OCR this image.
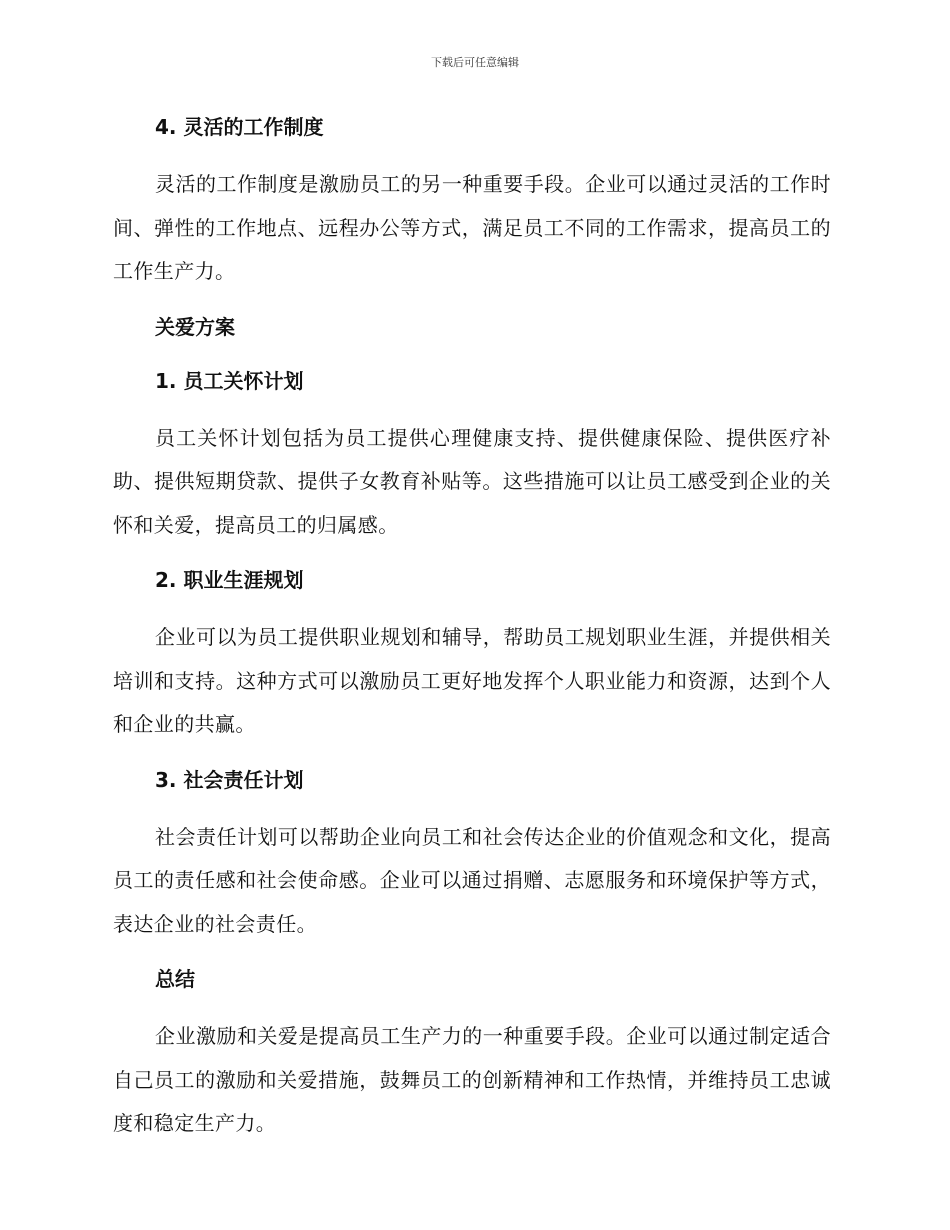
下载后可任意编辑
4. 灵活的工作制度

灵活的工作制度是激励员工的另一种重要手段。企业可以通过灵活的工作时间、弹性的工作地点、远程办公等方式，满足员工不同的工作需求，提高员工的工作生产力。

关爱方案
1. 员工关怀计划

员工关怀计划包括为员工提供心理健康支持、提供健康保险、提供医疗补助、提供短期贷款、提供子女教育补贴等。这些措施可以让员工感受到企业的关怀和关爱，提高员工的归属感。

2. 职业生涯规划

企业可以为员工提供职业规划和辅导，帮助员工规划职业生涯，并提供相关培训和支持。这种方式可以激励员工更好地发挥个人职业能力和资源，达到个人和企业的共赢。

3. 社会责任计划

社会责任计划可以帮助企业向员工和社会传达企业的价值观念和文化，提高员工的责任感和社会使命感。企业可以通过捐赠、志愿服务和环境保护等方式，表达企业的社会责任。

总结

企业激励和关爱是提高员工生产力的一种重要手段。企业可以通过制定适合自己员工的激励和关爱措施，鼓舞员工的创新精神和工作热情，并维持员工忠诚度和稳定生产力。
